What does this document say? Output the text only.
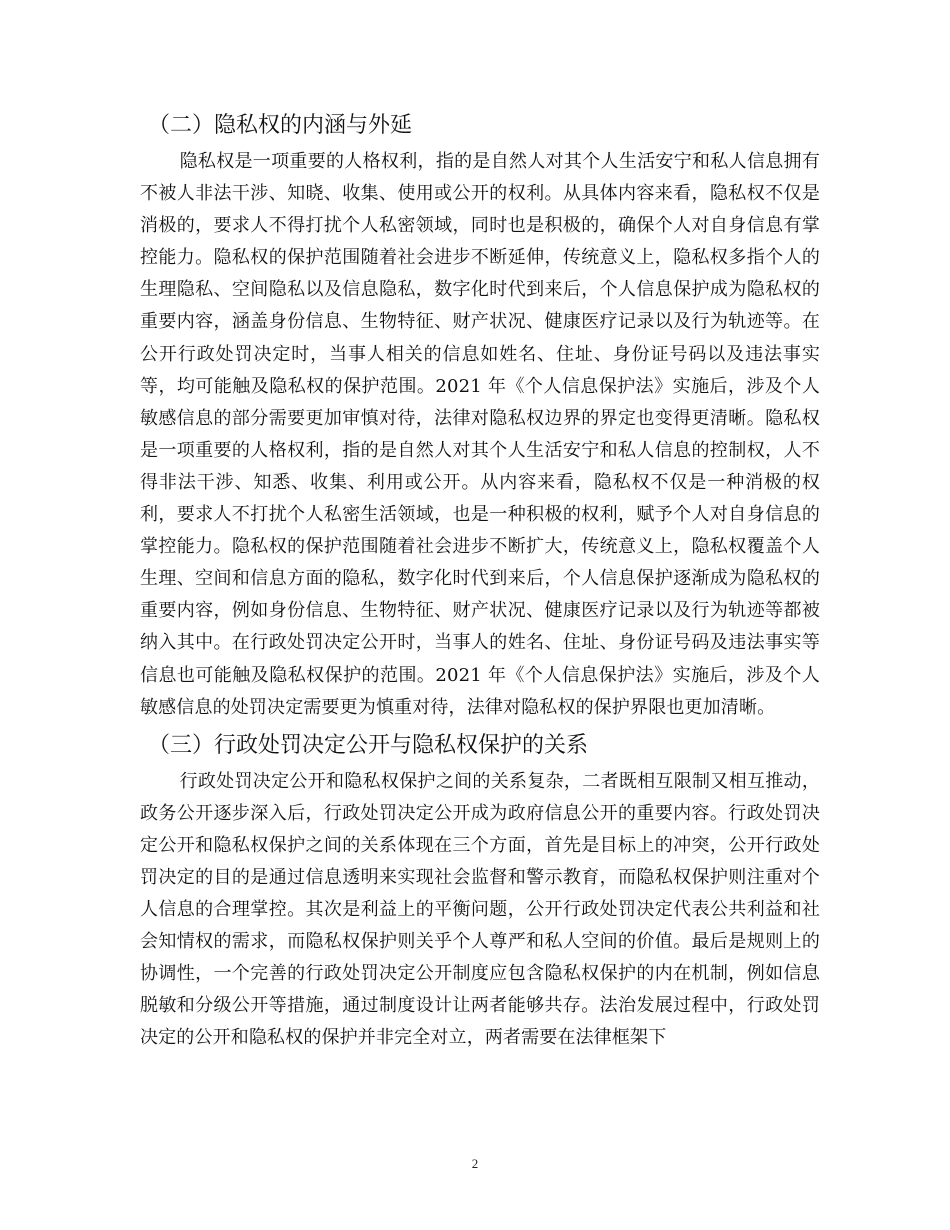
（二）隐私权的内涵与外延

隐私权是一项重要的人格权利，指的是自然人对其个人生活安宁和私人信息拥有不被人非法干涉、知晓、收集、使用或公开的权利。从具体内容来看，隐私权不仅是消极的，要求人不得打扰个人私密领域，同时也是积极的，确保个人对自身信息有掌控能力。隐私权的保护范围随着社会进步不断延伸，传统意义上，隐私权多指个人的生理隐私、空间隐私以及信息隐私，数字化时代到来后，个人信息保护成为隐私权的重要内容，涵盖身份信息、生物特征、财产状况、健康医疗记录以及行为轨迹等。在公开行政处罚决定时，当事人相关的信息如姓名、住址、身份证号码以及违法事实等，均可能触及隐私权的保护范围。2021 年《个人信息保护法》实施后，涉及个人敏感信息的部分需要更加审慎对待，法律对隐私权边界的界定也变得更清晰。隐私权是一项重要的人格权利，指的是自然人对其个人生活安宁和私人信息的控制权，人不得非法干涉、知悉、收集、利用或公开。从内容来看，隐私权不仅是一种消极的权利，要求人不打扰个人私密生活领域，也是一种积极的权利，赋予个人对自身信息的掌控能力。隐私权的保护范围随着社会进步不断扩大，传统意义上，隐私权覆盖个人生理、空间和信息方面的隐私，数字化时代到来后，个人信息保护逐渐成为隐私权的重要内容，例如身份信息、生物特征、财产状况、健康医疗记录以及行为轨迹等都被纳入其中。在行政处罚决定公开时，当事人的姓名、住址、身份证号码及违法事实等信息也可能触及隐私权保护的范围。2021 年《个人信息保护法》实施后，涉及个人敏感信息的处罚决定需要更为慎重对待，法律对隐私权的保护界限也更加清晰。

（三）行政处罚决定公开与隐私权保护的关系

行政处罚决定公开和隐私权保护之间的关系复杂，二者既相互限制又相互推动，政务公开逐步深入后，行政处罚决定公开成为政府信息公开的重要内容。行政处罚决定公开和隐私权保护之间的关系体现在三个方面，首先是目标上的冲突，公开行政处罚决定的目的是通过信息透明来实现社会监督和警示教育，而隐私权保护则注重对个人信息的合理掌控。其次是利益上的平衡问题，公开行政处罚决定代表公共利益和社会知情权的需求，而隐私权保护则关乎个人尊严和私人空间的价值。最后是规则上的协调性，一个完善的行政处罚决定公开制度应包含隐私权保护的内在机制，例如信息脱敏和分级公开等措施，通过制度设计让两者能够共存。法治发展过程中，行政处罚决定的公开和隐私权的保护并非完全对立，两者需要在法律框架下

2
